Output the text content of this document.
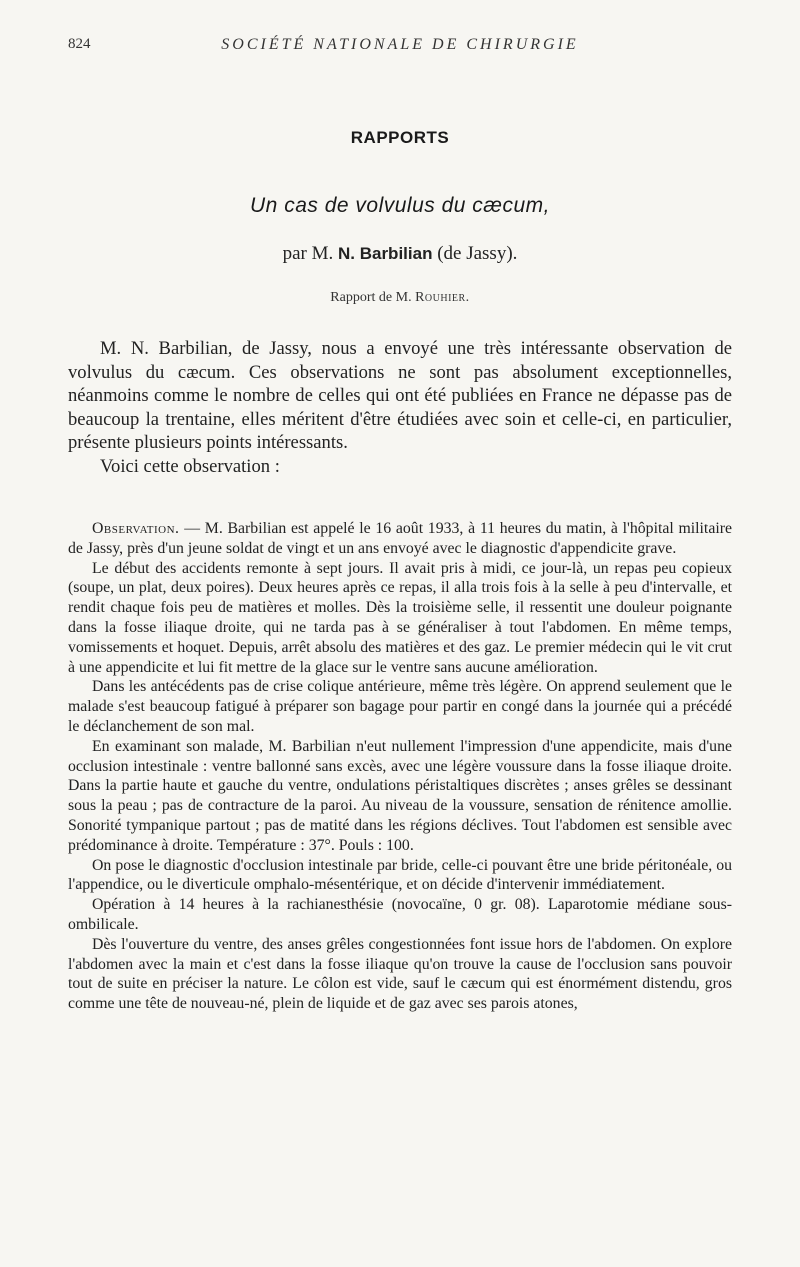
824	SOCIÉTÉ NATIONALE DE CHIRURGIE
RAPPORTS
Un cas de volvulus du cæcum,
par M. N. Barbilian (de Jassy).
Rapport de M. Rouhier.

M. N. Barbilian, de Jassy, nous a envoyé une très intéressante observation de volvulus du cæcum. Ces observations ne sont pas absolument exceptionnelles, néanmoins comme le nombre de celles qui ont été publiées en France ne dépasse pas de beaucoup la trentaine, elles méritent d'être étudiées avec soin et celle-ci, en particulier, présente plusieurs points intéressants.

Voici cette observation :

Observation. — M. Barbilian est appelé le 16 août 1933, à 11 heures du matin, à l'hôpital militaire de Jassy, près d'un jeune soldat de vingt et un ans envoyé avec le diagnostic d'appendicite grave.

Le début des accidents remonte à sept jours. Il avait pris à midi, ce jour-là, un repas peu copieux (soupe, un plat, deux poires). Deux heures après ce repas, il alla trois fois à la selle à peu d'intervalle, et rendit chaque fois peu de matières et molles. Dès la troisième selle, il ressentit une douleur poignante dans la fosse iliaque droite, qui ne tarda pas à se généraliser à tout l'abdomen. En même temps, vomissements et hoquet. Depuis, arrêt absolu des matières et des gaz. Le premier médecin qui le vit crut à une appendicite et lui fit mettre de la glace sur le ventre sans aucune amélioration.

Dans les antécédents pas de crise colique antérieure, même très légère. On apprend seulement que le malade s'est beaucoup fatigué à préparer son bagage pour partir en congé dans la journée qui a précédé le déclanchement de son mal.

En examinant son malade, M. Barbilian n'eut nullement l'impression d'une appendicite, mais d'une occlusion intestinale : ventre ballonné sans excès, avec une légère voussure dans la fosse iliaque droite. Dans la partie haute et gauche du ventre, ondulations péristaltiques discrètes ; anses grêles se dessinant sous la peau ; pas de contracture de la paroi. Au niveau de la voussure, sensation de rénitence amollie. Sonorité tympanique partout ; pas de matité dans les régions déclives. Tout l'abdomen est sensible avec prédominance à droite. Température : 37°. Pouls : 100.

On pose le diagnostic d'occlusion intestinale par bride, celle-ci pouvant être une bride péritonéale, ou l'appendice, ou le diverticule omphalo-mésentérique, et on décide d'intervenir immédiatement.

Opération à 14 heures à la rachianesthésie (novocaïne, 0 gr. 08). Laparotomie médiane sous-ombilicale.

Dès l'ouverture du ventre, des anses grêles congestionnées font issue hors de l'abdomen. On explore l'abdomen avec la main et c'est dans la fosse iliaque qu'on trouve la cause de l'occlusion sans pouvoir tout de suite en préciser la nature. Le côlon est vide, sauf le cæcum qui est énormément distendu, gros comme une tête de nouveau-né, plein de liquide et de gaz avec ses parois atones,
